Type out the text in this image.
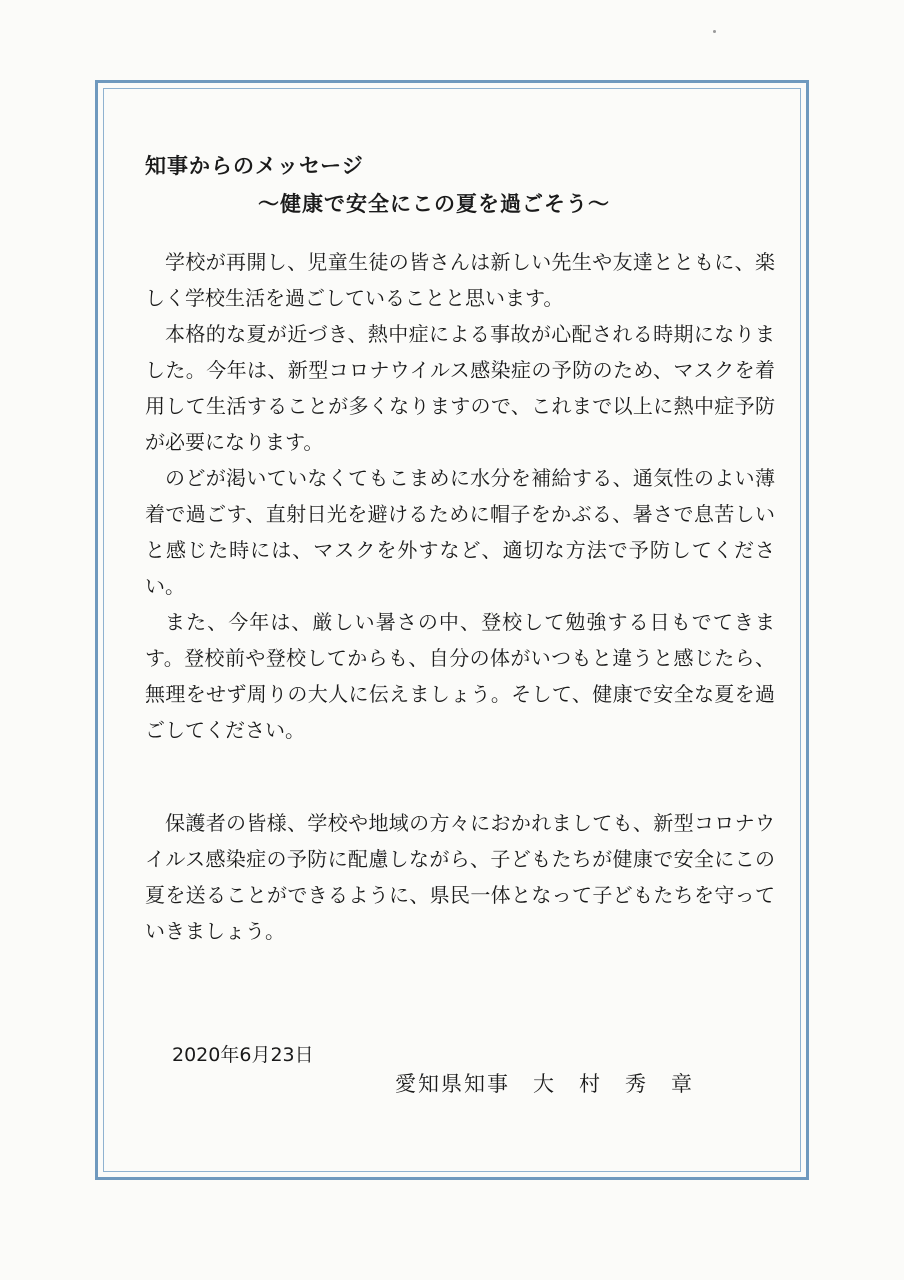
知事からのメッセージ
～健康で安全にこの夏を過ごそう～

学校が再開し、児童生徒の皆さんは新しい先生や友達とともに、楽しく学校生活を過ごしていることと思います。

本格的な夏が近づき、熱中症による事故が心配される時期になりました。今年は、新型コロナウイルス感染症の予防のため、マスクを着用して生活することが多くなりますので、これまで以上に熱中症予防が必要になります。

のどが渇いていなくてもこまめに水分を補給する、通気性のよい薄着で過ごす、直射日光を避けるために帽子をかぶる、暑さで息苦しいと感じた時には、マスクを外すなど、適切な方法で予防してください。

また、今年は、厳しい暑さの中、登校して勉強する日もでてきます。登校前や登校してからも、自分の体がいつもと違うと感じたら、無理をせず周りの大人に伝えましょう。そして、健康で安全な夏を過ごしてください。

保護者の皆様、学校や地域の方々におかれましても、新型コロナウイルス感染症の予防に配慮しながら、子どもたちが健康で安全にこの夏を送ることができるように、県民一体となって子どもたちを守っていきましょう。

2020年6月23日

愛知県知事　大　村　秀　章
